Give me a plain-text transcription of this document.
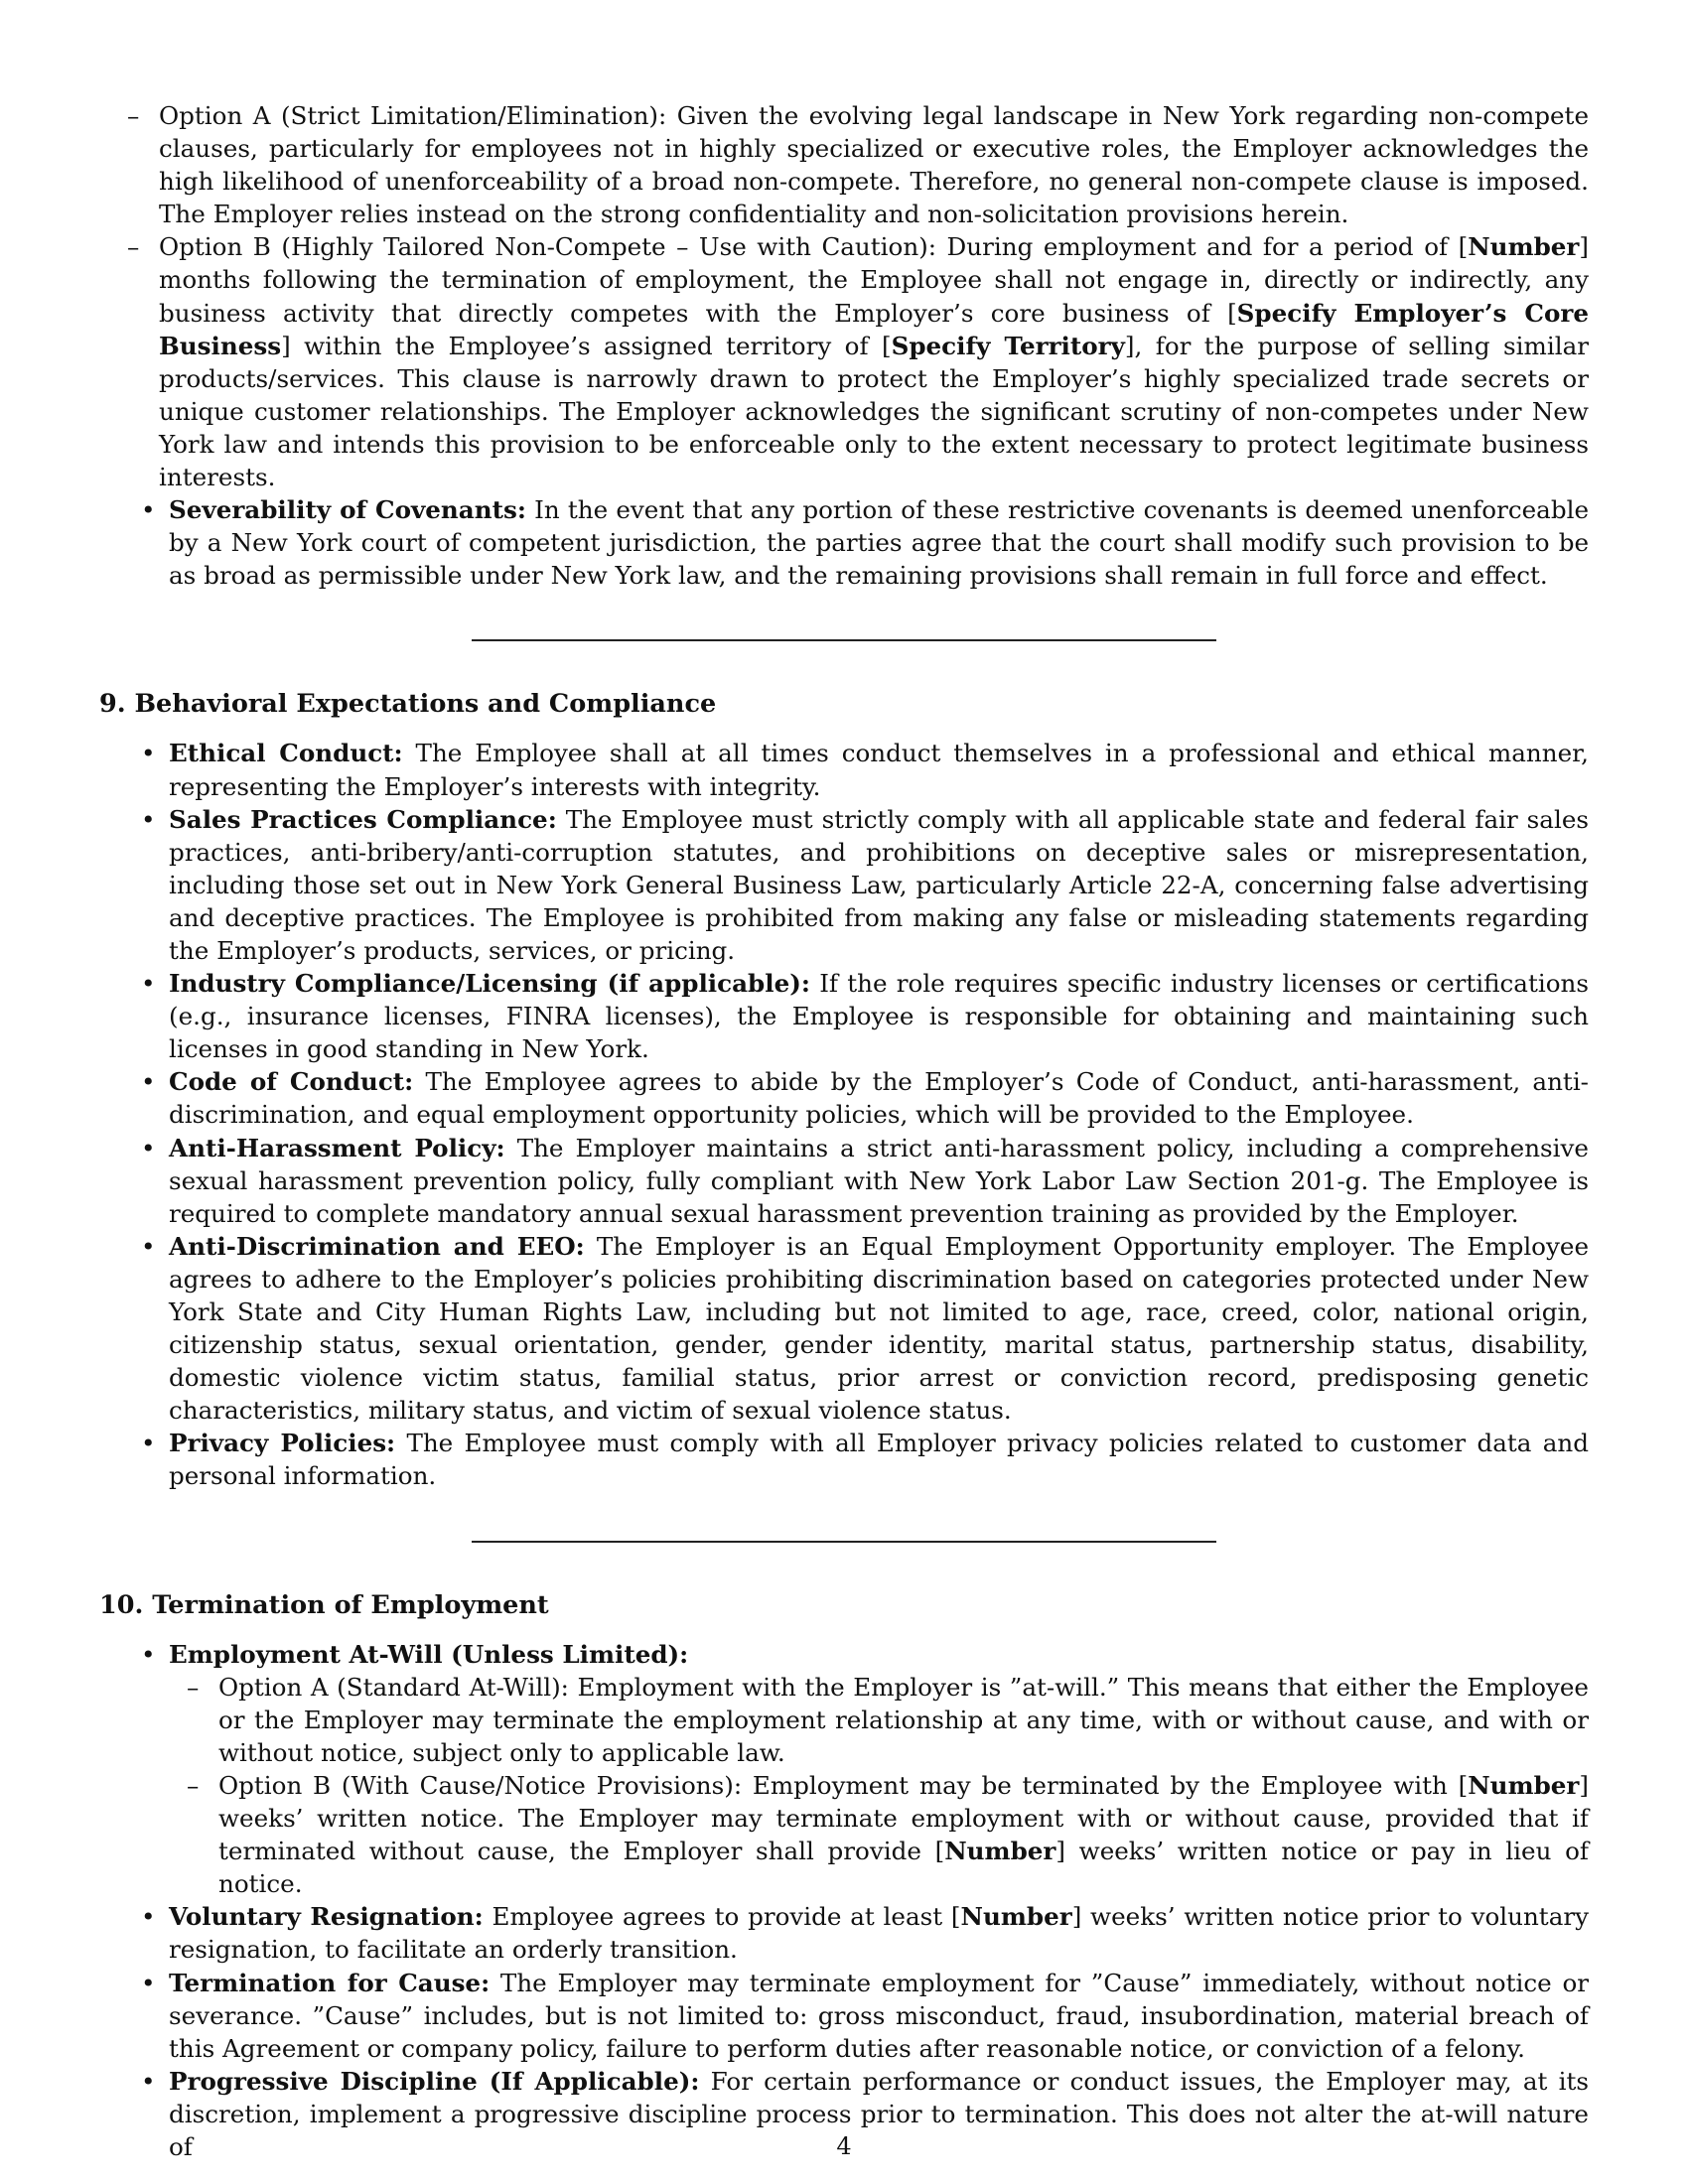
– Option A (Strict Limitation/Elimination): Given the evolving legal landscape in New York regarding non-compete clauses, particularly for employees not in highly specialized or executive roles, the Employer acknowledges the high likelihood of unenforceability of a broad non-compete. Therefore, no general non-compete clause is imposed. The Employer relies instead on the strong confidentiality and non-solicitation provisions herein.
– Option B (Highly Tailored Non-Compete – Use with Caution): During employment and for a period of [Number] months following the termination of employment, the Employee shall not engage in, directly or indirectly, any business activity that directly competes with the Employer’s core business of [Specify Employer’s Core Business] within the Employee’s assigned territory of [Specify Territory], for the purpose of selling similar products/services. This clause is narrowly drawn to protect the Employer’s highly specialized trade secrets or unique customer relationships. The Employer acknowledges the significant scrutiny of non-competes under New York law and intends this provision to be enforceable only to the extent necessary to protect legitimate business interests.
• Severability of Covenants: In the event that any portion of these restrictive covenants is deemed unenforceable by a New York court of competent jurisdiction, the parties agree that the court shall modify such provision to be as broad as permissible under New York law, and the remaining provisions shall remain in full force and effect.
9. Behavioral Expectations and Compliance
• Ethical Conduct: The Employee shall at all times conduct themselves in a professional and ethical manner, representing the Employer’s interests with integrity.
• Sales Practices Compliance: The Employee must strictly comply with all applicable state and federal fair sales practices, anti-bribery/anti-corruption statutes, and prohibitions on deceptive sales or misrepresentation, including those set out in New York General Business Law, particularly Article 22-A, concerning false advertising and deceptive practices. The Employee is prohibited from making any false or misleading statements regarding the Employer’s products, services, or pricing.
• Industry Compliance/Licensing (if applicable): If the role requires specific industry licenses or certifications (e.g., insurance licenses, FINRA licenses), the Employee is responsible for obtaining and maintaining such licenses in good standing in New York.
• Code of Conduct: The Employee agrees to abide by the Employer’s Code of Conduct, anti-harassment, anti-discrimination, and equal employment opportunity policies, which will be provided to the Employee.
• Anti-Harassment Policy: The Employer maintains a strict anti-harassment policy, including a comprehensive sexual harassment prevention policy, fully compliant with New York Labor Law Section 201-g. The Employee is required to complete mandatory annual sexual harassment prevention training as provided by the Employer.
• Anti-Discrimination and EEO: The Employer is an Equal Employment Opportunity employer. The Employee agrees to adhere to the Employer’s policies prohibiting discrimination based on categories protected under New York State and City Human Rights Law, including but not limited to age, race, creed, color, national origin, citizenship status, sexual orientation, gender, gender identity, marital status, partnership status, disability, domestic violence victim status, familial status, prior arrest or conviction record, predisposing genetic characteristics, military status, and victim of sexual violence status.
• Privacy Policies: The Employee must comply with all Employer privacy policies related to customer data and personal information.
10. Termination of Employment
• Employment At-Will (Unless Limited):
– Option A (Standard At-Will): Employment with the Employer is ”at-will.” This means that either the Employee or the Employer may terminate the employment relationship at any time, with or without cause, and with or without notice, subject only to applicable law.
– Option B (With Cause/Notice Provisions): Employment may be terminated by the Employee with [Number] weeks’ written notice. The Employer may terminate employment with or without cause, provided that if terminated without cause, the Employer shall provide [Number] weeks’ written notice or pay in lieu of notice.
• Voluntary Resignation: Employee agrees to provide at least [Number] weeks’ written notice prior to voluntary resignation, to facilitate an orderly transition.
• Termination for Cause: The Employer may terminate employment for ”Cause” immediately, without notice or severance. ”Cause” includes, but is not limited to: gross misconduct, fraud, insubordination, material breach of this Agreement or company policy, failure to perform duties after reasonable notice, or conviction of a felony.
• Progressive Discipline (If Applicable): For certain performance or conduct issues, the Employer may, at its discretion, implement a progressive discipline process prior to termination. This does not alter the at-will nature of	4
